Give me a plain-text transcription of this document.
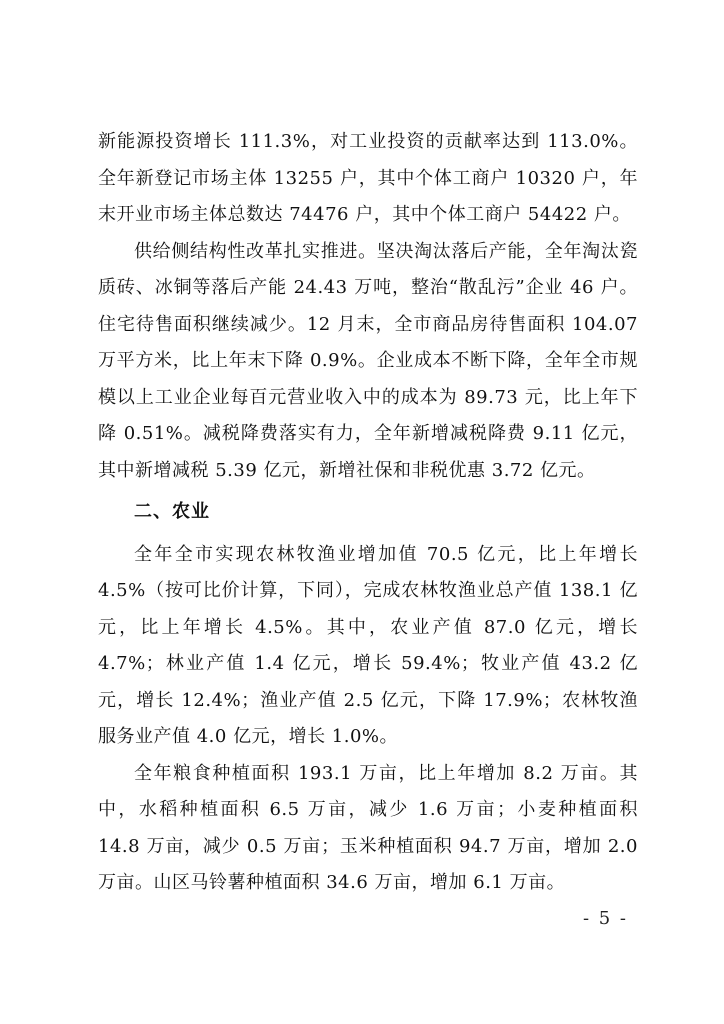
新能源投资增长 111.3%，对工业投资的贡献率达到 113.0%。全年新登记市场主体 13255 户，其中个体工商户 10320 户，年末开业市场主体总数达 74476 户，其中个体工商户 54422 户。

供给侧结构性改革扎实推进。坚决淘汰落后产能，全年淘汰瓷质砖、冰铜等落后产能 24.43 万吨，整治“散乱污”企业 46 户。住宅待售面积继续减少。12 月末，全市商品房待售面积 104.07 万平方米，比上年末下降 0.9%。企业成本不断下降，全年全市规模以上工业企业每百元营业收入中的成本为 89.73 元，比上年下降 0.51%。减税降费落实有力，全年新增减税降费 9.11 亿元，其中新增减税 5.39 亿元，新增社保和非税优惠 3.72 亿元。

二、农业

全年全市实现农林牧渔业增加值 70.5 亿元，比上年增长 4.5%（按可比价计算，下同），完成农林牧渔业总产值 138.1 亿元，比上年增长 4.5%。其中，农业产值 87.0 亿元，增长 4.7%；林业产值 1.4 亿元，增长 59.4%；牧业产值 43.2 亿元，增长 12.4%；渔业产值 2.5 亿元，下降 17.9%；农林牧渔服务业产值 4.0 亿元，增长 1.0%。

全年粮食种植面积 193.1 万亩，比上年增加 8.2 万亩。其中，水稻种植面积 6.5 万亩，减少 1.6 万亩；小麦种植面积 14.8 万亩，减少 0.5 万亩；玉米种植面积 94.7 万亩，增加 2.0 万亩。山区马铃薯种植面积 34.6 万亩，增加 6.1 万亩。

- 5 -
